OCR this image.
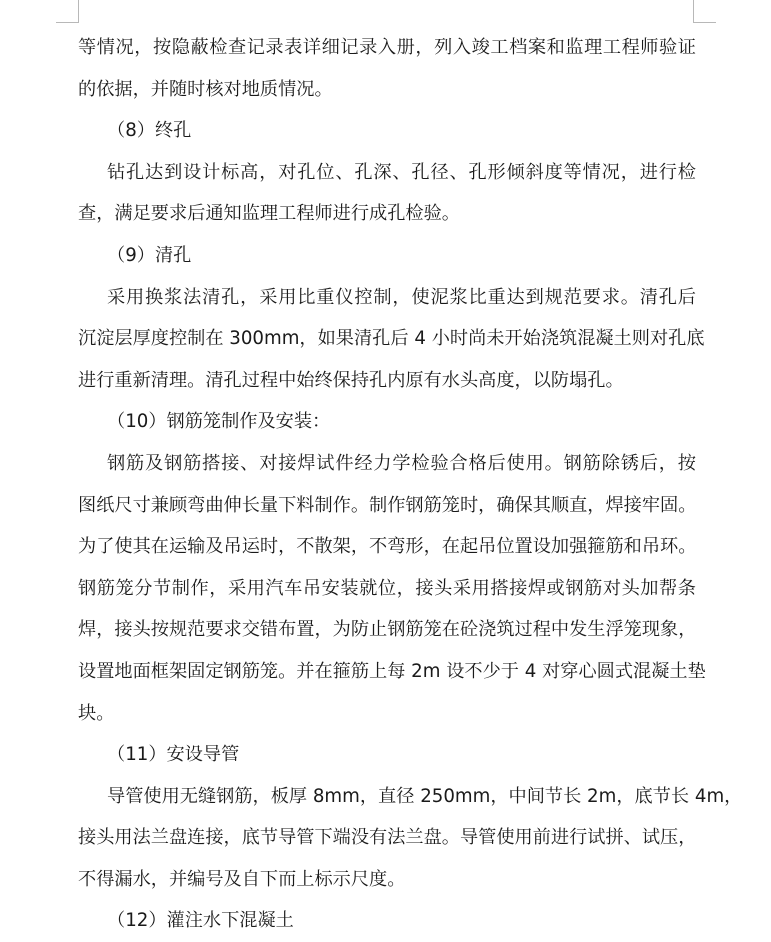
等情况，按隐蔽检查记录表详细记录入册，列入竣工档案和监理工程师验证
的依据，并随时核对地质情况。
（8）终孔
钻孔达到设计标高，对孔位、孔深、孔径、孔形倾斜度等情况，进行检
查，满足要求后通知监理工程师进行成孔检验。
（9）清孔
采用换浆法清孔，采用比重仪控制，使泥浆比重达到规范要求。清孔后
沉淀层厚度控制在 300mm，如果清孔后 4 小时尚未开始浇筑混凝土则对孔底
进行重新清理。清孔过程中始终保持孔内原有水头高度，以防塌孔。
（10）钢筋笼制作及安装：
钢筋及钢筋搭接、对接焊试件经力学检验合格后使用。钢筋除锈后，按
图纸尺寸兼顾弯曲伸长量下料制作。制作钢筋笼时，确保其顺直，焊接牢固。
为了使其在运输及吊运时，不散架，不弯形，在起吊位置设加强箍筋和吊环。
钢筋笼分节制作，采用汽车吊安装就位，接头采用搭接焊或钢筋对头加帮条
焊，接头按规范要求交错布置，为防止钢筋笼在砼浇筑过程中发生浮笼现象，
设置地面框架固定钢筋笼。并在箍筋上每 2m 设不少于 4 对穿心圆式混凝土垫
块。
（11）安设导管
导管使用无缝钢筋，板厚 8mm，直径 250mm，中间节长 2m，底节长 4m，
接头用法兰盘连接，底节导管下端没有法兰盘。导管使用前进行试拼、试压，
不得漏水，并编号及自下而上标示尺度。
（12）灌注水下混凝土
